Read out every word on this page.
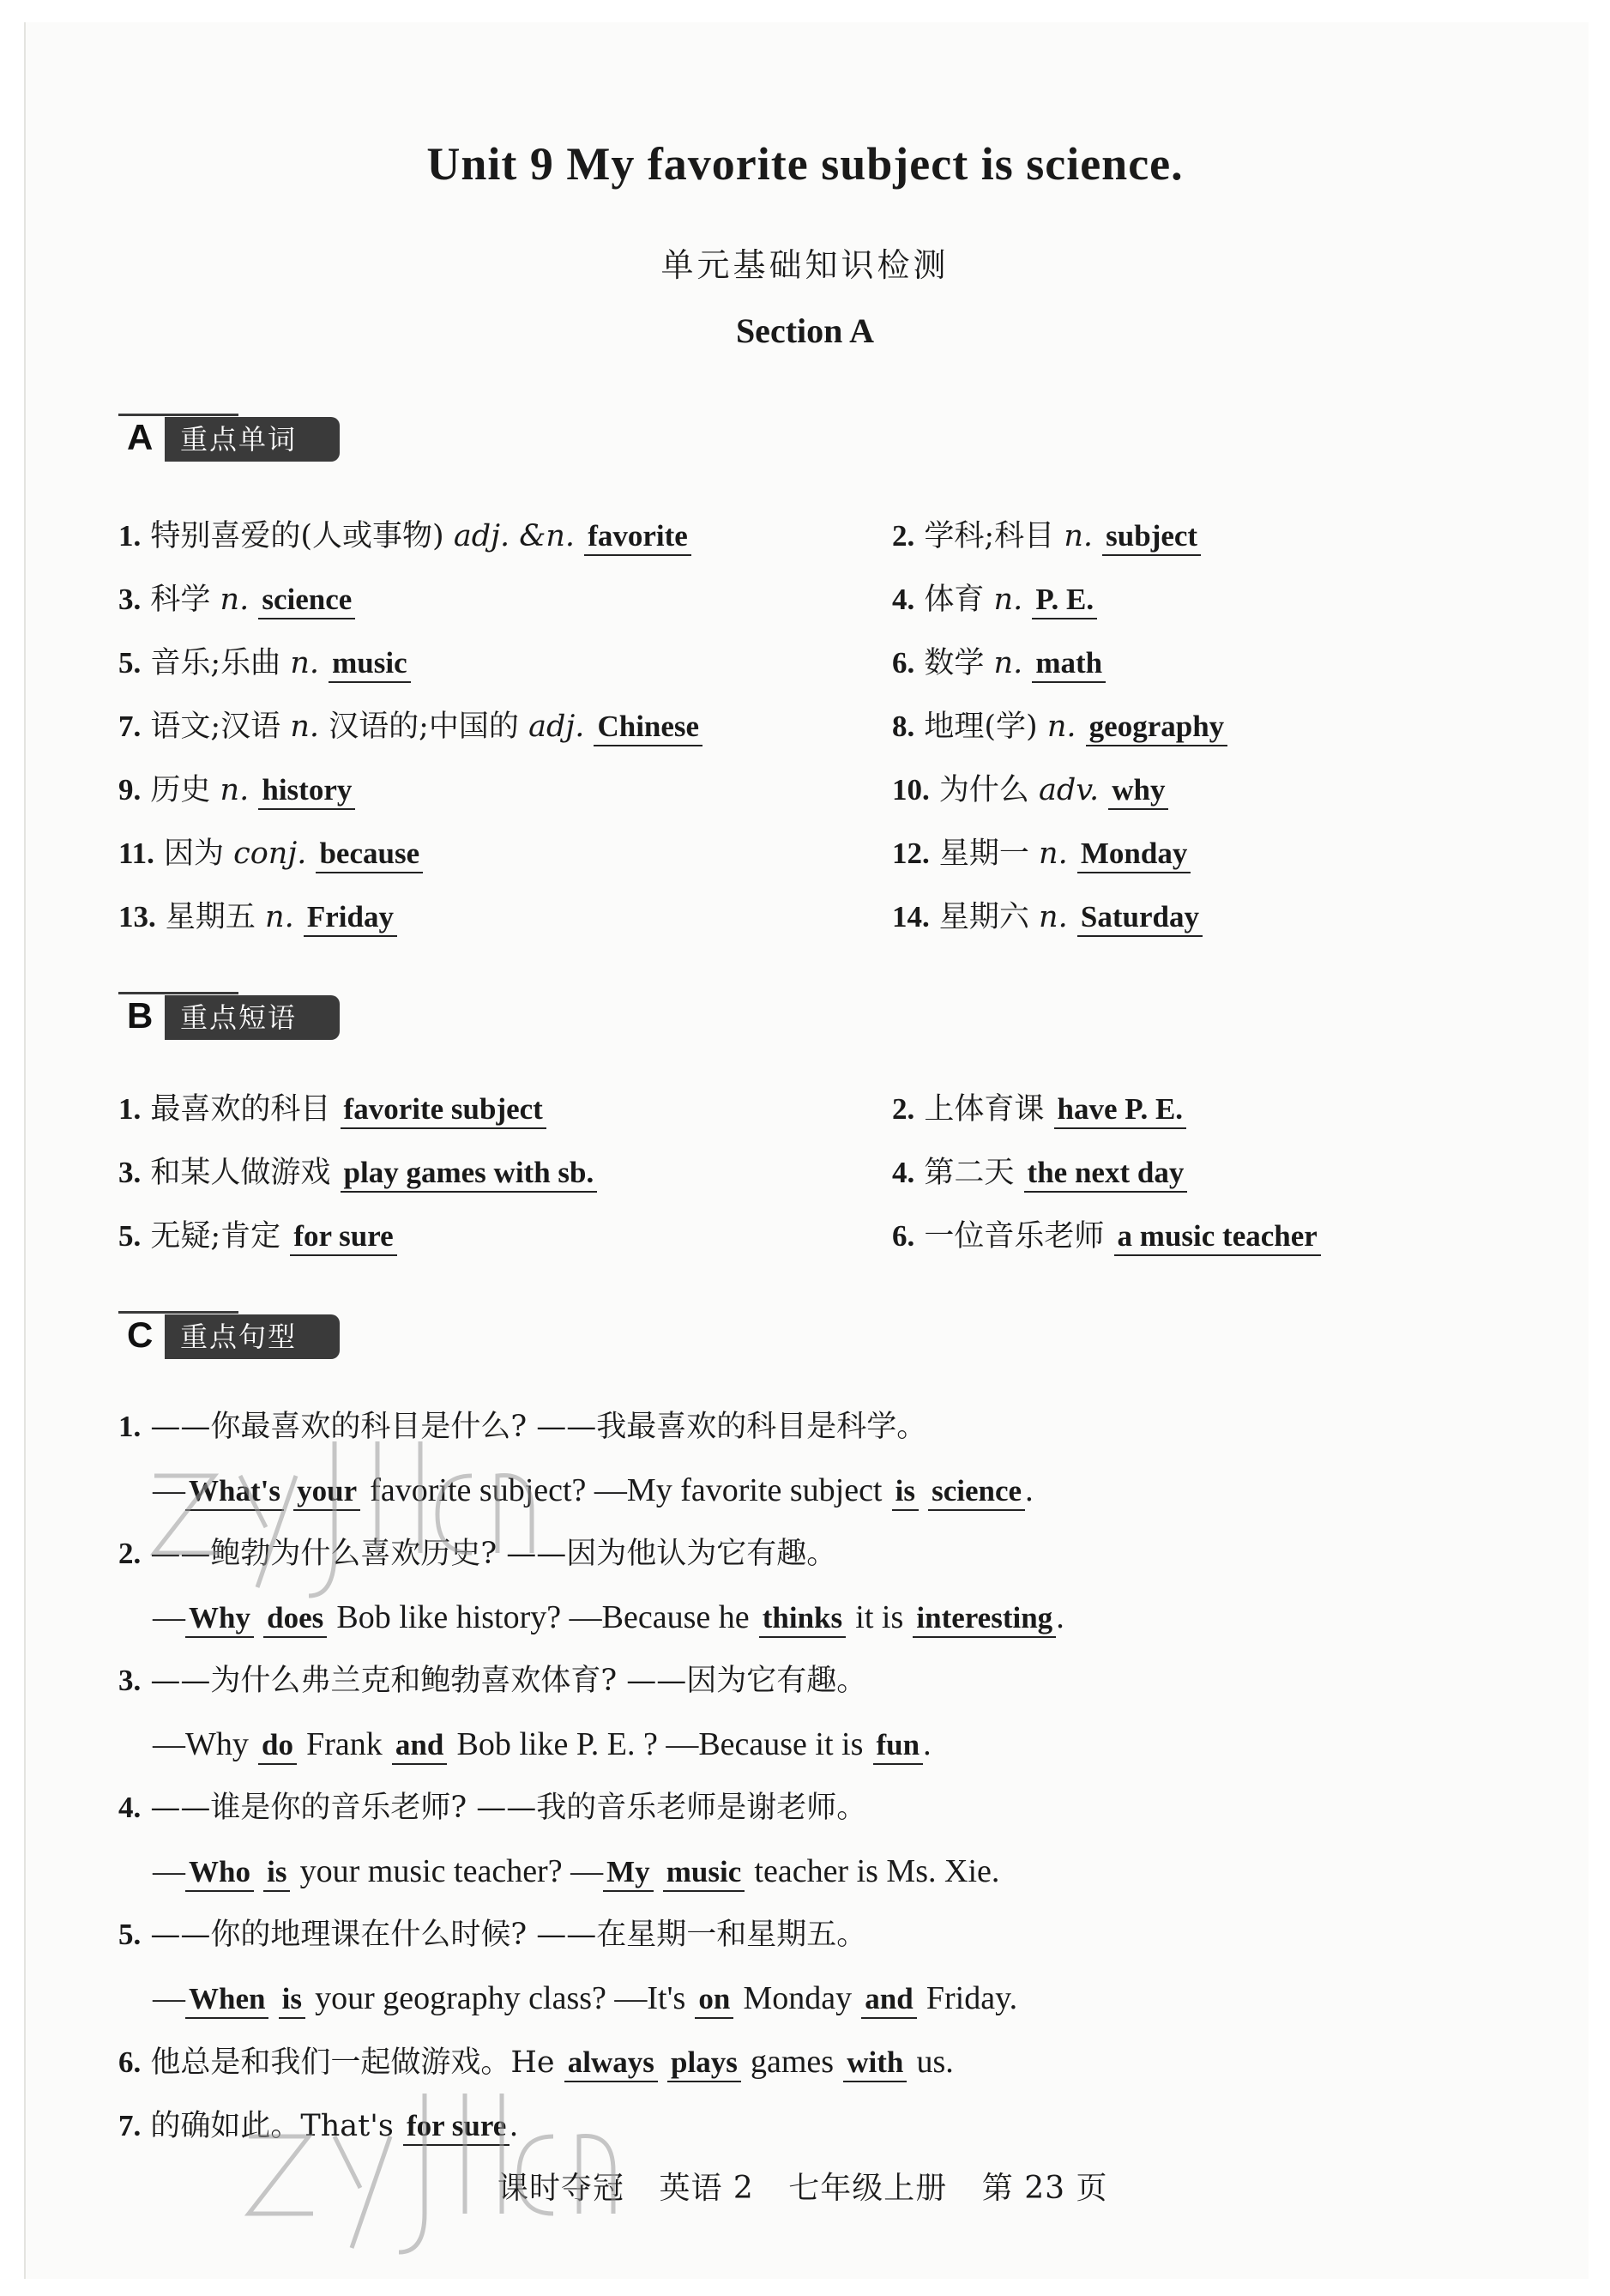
Unit 9 My favorite subject is science.
单元基础知识检测
Section A
A 重点单词
1. 特别喜爱的(人或事物) adj. &n. favorite	2. 学科;科目 n. subject
3. 科学 n. science	4. 体育 n. P. E.
5. 音乐;乐曲 n. music	6. 数学 n. math
7. 语文;汉语 n. 汉语的;中国的 adj. Chinese	8. 地理(学) n. geography
9. 历史 n. history	10. 为什么 adv. why
11. 因为 conj. because	12. 星期一 n. Monday
13. 星期五 n. Friday	14. 星期六 n. Saturday
B 重点短语
1. 最喜欢的科目 favorite subject	2. 上体育课 have P. E.
3. 和某人做游戏 play games with sb.	4. 第二天 the next day
5. 无疑;肯定 for sure	6. 一位音乐老师 a music teacher
C 重点句型
1. ——你最喜欢的科目是什么? ——我最喜欢的科目是科学。
— What's your favorite subject? —My favorite subject is science .
2. ——鲍勃为什么喜欢历史? ——因为他认为它有趣。
— Why does Bob like history? —Because he thinks it is interesting .
3. ——为什么弗兰克和鲍勃喜欢体育? ——因为它有趣。
—Why do Frank and Bob like P. E. ? —Because it is fun .
4. ——谁是你的音乐老师? ——我的音乐老师是谢老师。
— Who is your music teacher? — My music teacher is Ms. Xie.
5. ——你的地理课在什么时候? ——在星期一和星期五。
— When is your geography class? —It's on Monday and Friday.
6. 他总是和我们一起做游戏。He always plays games with us.
7. 的确如此。That's for sure .
课时夺冠 英语 2 七年级上册 第 23 页
